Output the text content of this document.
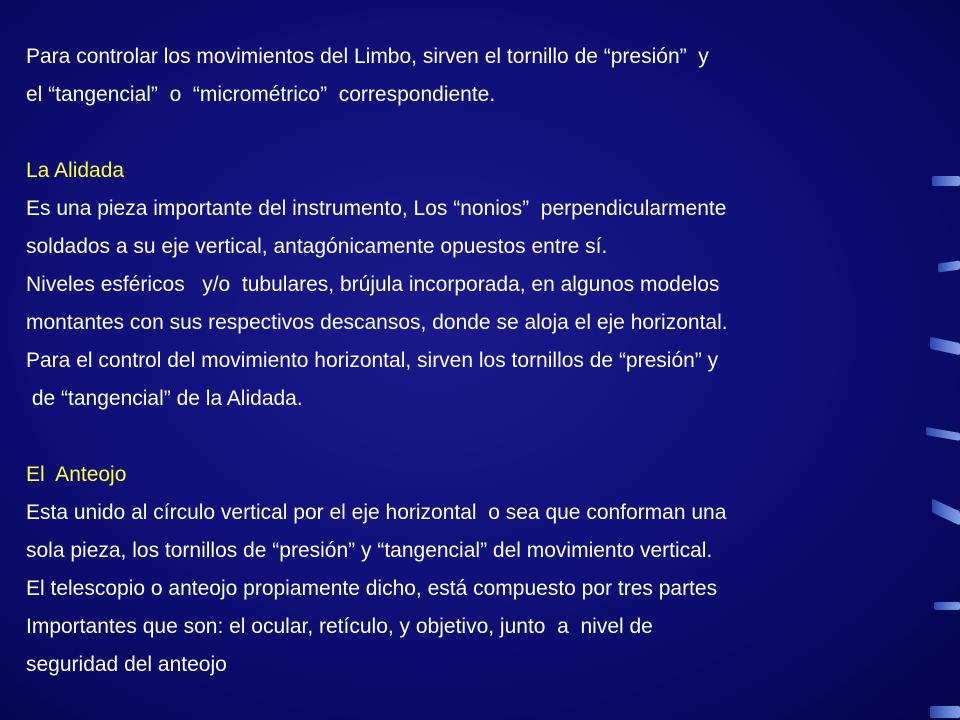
Para controlar los movimientos del Limbo, sirven el tornillo de “presión”  y
el “tangencial”  o  “micrométrico”  correspondiente.
La Alidada
Es una pieza importante del instrumento, Los “nonios”  perpendicularmente
soldados a su eje vertical, antagónicamente opuestos entre sí.
Niveles esféricos   y/o  tubulares, brújula incorporada, en algunos modelos
montantes con sus respectivos descansos, donde se aloja el eje horizontal.
Para el control del movimiento horizontal, sirven los tornillos de “presión” y
de “tangencial” de la Alidada.
El  Anteojo
Esta unido al círculo vertical por el eje horizontal  o sea que conforman una
sola pieza, los tornillos de “presión” y “tangencial” del movimiento vertical.
El telescopio o anteojo propiamente dicho, está compuesto por tres partes
Importantes que son: el ocular, retículo, y objetivo, junto  a  nivel de
seguridad del anteojo
